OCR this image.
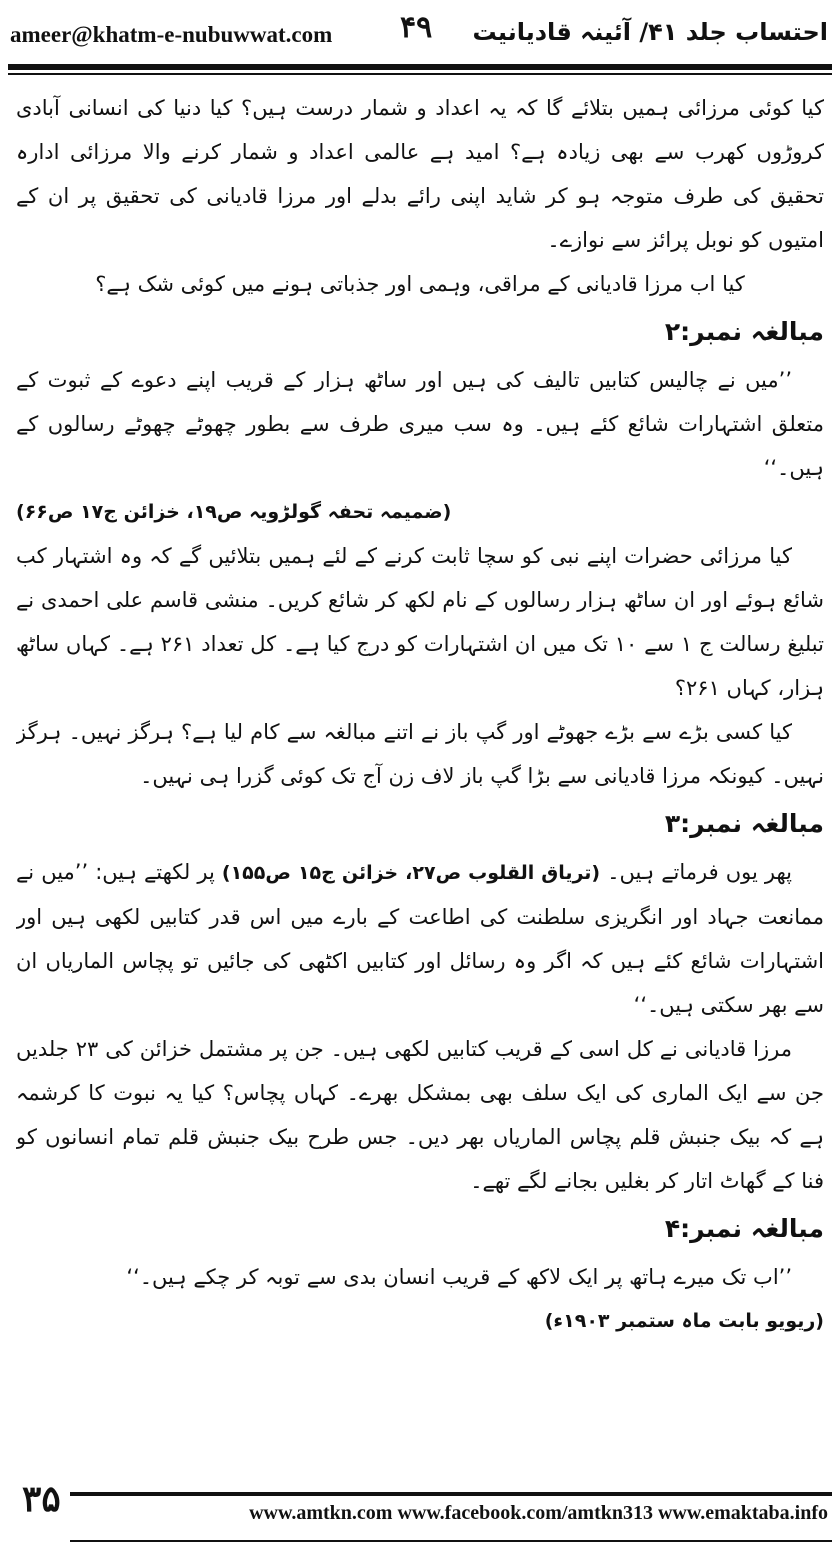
ameer@khatm-e-nubuwwat.com ۴۹ احتساب جلد ۴۱/ آئینہ قادیانیت

کیا کوئی مرزائی ہمیں بتلائے گا کہ یہ اعداد و شمار درست ہیں؟ کیا دنیا کی انسانی آبادی کروڑوں کھرب سے بھی زیادہ ہے؟ امید ہے عالمی اعداد و شمار کرنے والا مرزائی ادارہ تحقیق کی طرف متوجہ ہو کر شاید اپنی رائے بدلے اور مرزا قادیانی کی تحقیق پر ان کے امتیوں کو نوبل پرائز سے نوازے۔

کیا اب مرزا قادیانی کے مراقی، وہمی اور جذباتی ہونے میں کوئی شک ہے؟

مبالغہ نمبر:۲

’’میں نے چالیس کتابیں تالیف کی ہیں اور ساٹھ ہزار کے قریب اپنے دعوے کے ثبوت کے متعلق اشتہارات شائع کئے ہیں۔ وہ سب میری طرف سے بطور چھوٹے چھوٹے رسالوں کے ہیں۔‘‘

(ضمیمہ تحفہ گولڑویہ ص۱۹، خزائن ج۱۷ ص۶۶)

کیا مرزائی حضرات اپنے نبی کو سچا ثابت کرنے کے لئے ہمیں بتلائیں گے کہ وہ اشتہار کب شائع ہوئے اور ان ساٹھ ہزار رسالوں کے نام لکھ کر شائع کریں۔ منشی قاسم علی احمدی نے تبلیغ رسالت ج ۱ سے ۱۰ تک میں ان اشتہارات کو درج کیا ہے۔ کل تعداد ۲۶۱ ہے۔ کہاں ساٹھ ہزار، کہاں ۲۶۱؟

کیا کسی بڑے سے بڑے جھوٹے اور گپ باز نے اتنے مبالغہ سے کام لیا ہے؟ ہرگز نہیں۔ ہرگز نہیں۔ کیونکہ مرزا قادیانی سے بڑا گپ باز لاف زن آج تک کوئی گزرا ہی نہیں۔

مبالغہ نمبر:۳

پھر یوں فرماتے ہیں۔ (تریاق القلوب ص۲۷، خزائن ج۱۵ ص۱۵۵) پر لکھتے ہیں: ’’میں نے ممانعت جہاد اور انگریزی سلطنت کی اطاعت کے بارے میں اس قدر کتابیں لکھی ہیں اور اشتہارات شائع کئے ہیں کہ اگر وہ رسائل اور کتابیں اکٹھی کی جائیں تو پچاس الماریاں ان سے بھر سکتی ہیں۔‘‘

مرزا قادیانی نے کل اسی کے قریب کتابیں لکھی ہیں۔ جن پر مشتمل خزائن کی ۲۳ جلدیں جن سے ایک الماری کی ایک سلف بھی بمشکل بھرے۔ کہاں پچاس؟ کیا یہ نبوت کا کرشمہ ہے کہ بیک جنبش قلم پچاس الماریاں بھر دیں۔ جس طرح بیک جنبش قلم تمام انسانوں کو فنا کے گھاٹ اتار کر بغلیں بجانے لگے تھے۔

مبالغہ نمبر:۴

’’اب تک میرے ہاتھ پر ایک لاکھ کے قریب انسان بدی سے توبہ کر چکے ہیں۔‘‘

(ریویو بابت ماہ ستمبر ۱۹۰۳ء)

۳۵	www.amtkn.com www.facebook.com/amtkn313 www.emaktaba.info
